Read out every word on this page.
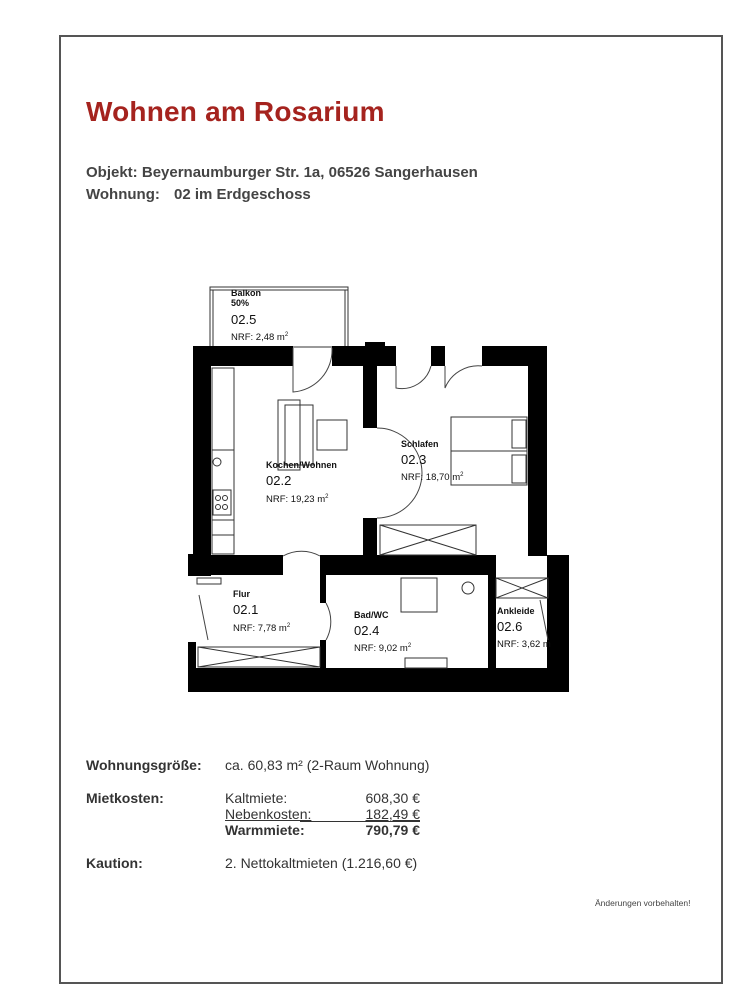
Wohnen am Rosarium
Objekt: Beyernaumburger Str. 1a, 06526 Sangerhausen
Wohnung: 02 im Erdgeschoss
Balkon
50%
02.5
NRF: 2,48 $m^2$
Kochen/Wohnen
02.2
NRF: 19,23 $m^2$
Schlafen
02.3
NRF: 18,70 $m^2$
Flur
02.1
NRF: 7,78 $m^2$
Bad/WC
02.4
NRF: 9,02 $m^2$
Ankleide
02.6
NRF: 3,62 m
Wohnungsgröße: ca. 60,83 m² (2-Raum Wohnung)
Mietkosten:	Kaltmiete:	608,30 €
Nebenkosten:	182,49 €
Warmmiete:	790,79 €
Kaution:	2. Nettokaltmieten (1.216,60 €)
Änderungen vorbehalten!
